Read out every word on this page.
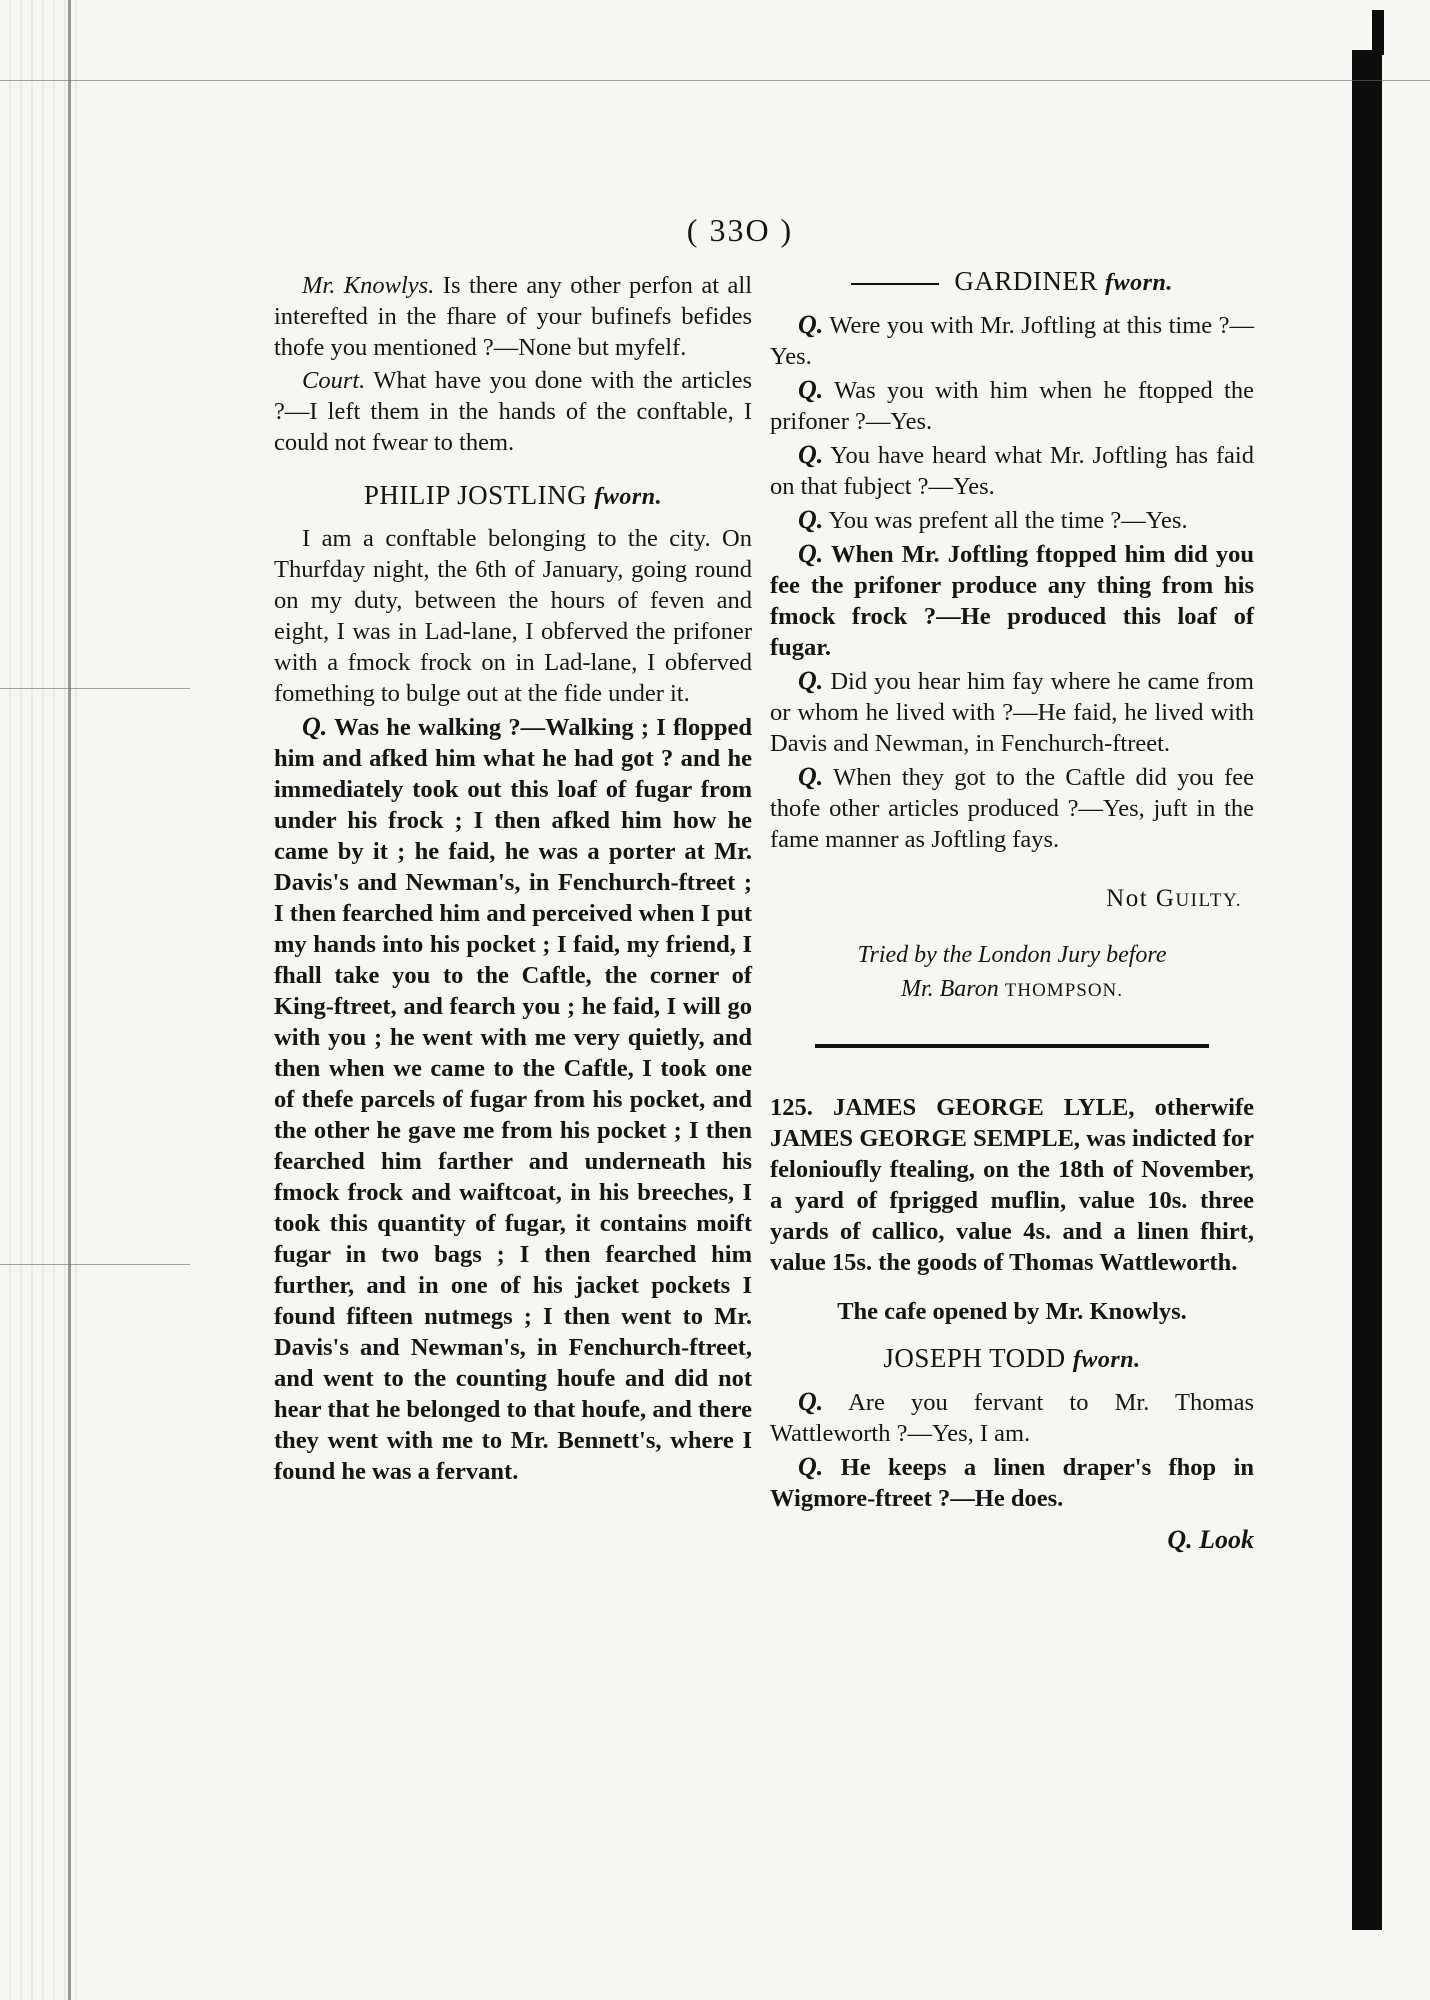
( 33O )

Mr. Knowlys. Is there any other perfon at all interefted in the fhare of your bufinefs befides thofe you mentioned ?—None but myfelf.

Court. What have you done with the articles ?—I left them in the hands of the conftable, I could not fwear to them.

PHILIP JOSTLING fworn.

I am a conftable belonging to the city. On Thurfday night, the 6th of January, going round on my duty, between the hours of feven and eight, I was in Lad-lane, I obferved the prifoner with a fmock frock on in Lad-lane, I obferved fomething to bulge out at the fide under it.

Q. Was he walking ?—Walking ; I flopped him and afked him what he had got ? and he immediately took out this loaf of fugar from under his frock ; I then afked him how he came by it ; he faid, he was a porter at Mr. Davis's and Newman's, in Fenchurch-ftreet ; I then fearched him and perceived when I put my hands into his pocket ; I faid, my friend, I fhall take you to the Caftle, the corner of King-ftreet, and fearch you ; he faid, I will go with you ; he went with me very quietly, and then when we came to the Caftle, I took one of thefe parcels of fugar from his pocket, and the other he gave me from his pocket ; I then fearched him farther and underneath his fmock frock and waiftcoat, in his breeches, I took this quantity of fugar, it contains moift fugar in two bags ; I then fearched him further, and in one of his jacket pockets I found fifteen nutmegs ; I then went to Mr. Davis's and Newman's, in Fenchurch-ftreet, and went to the counting houfe and did not hear that he belonged to that houfe, and there they went with me to Mr. Bennett's, where I found he was a fervant.

GARDINER fworn.

Q. Were you with Mr. Joftling at this time ?—Yes.

Q. Was you with him when he ftopped the prifoner ?—Yes.

Q. You have heard what Mr. Joftling has faid on that fubject ?—Yes.

Q. You was prefent all the time ?—Yes.

Q. When Mr. Joftling ftopped him did you fee the prifoner produce any thing from his fmock frock ?—He produced this loaf of fugar.

Q. Did you hear him fay where he came from or whom he lived with ?—He faid, he lived with Davis and Newman, in Fenchurch-ftreet.

Q. When they got to the Caftle did you fee thofe other articles produced ?—Yes, juft in the fame manner as Joftling fays.

Not GUILTY.
Tried by the London Jury before
Mr. Baron THOMPSON.

125. JAMES GEORGE LYLE, otherwife JAMES GEORGE SEMPLE, was indicted for felonioufly ftealing, on the 18th of November, a yard of fprigged muflin, value 10s. three yards of callico, value 4s. and a linen fhirt, value 15s. the goods of Thomas Wattleworth.

The cafe opened by Mr. Knowlys.

JOSEPH TODD fworn.

Q. Are you fervant to Mr. Thomas Wattleworth ?—Yes, I am.

Q. He keeps a linen draper's fhop in Wigmore-ftreet ?—He does.

Q. Look
